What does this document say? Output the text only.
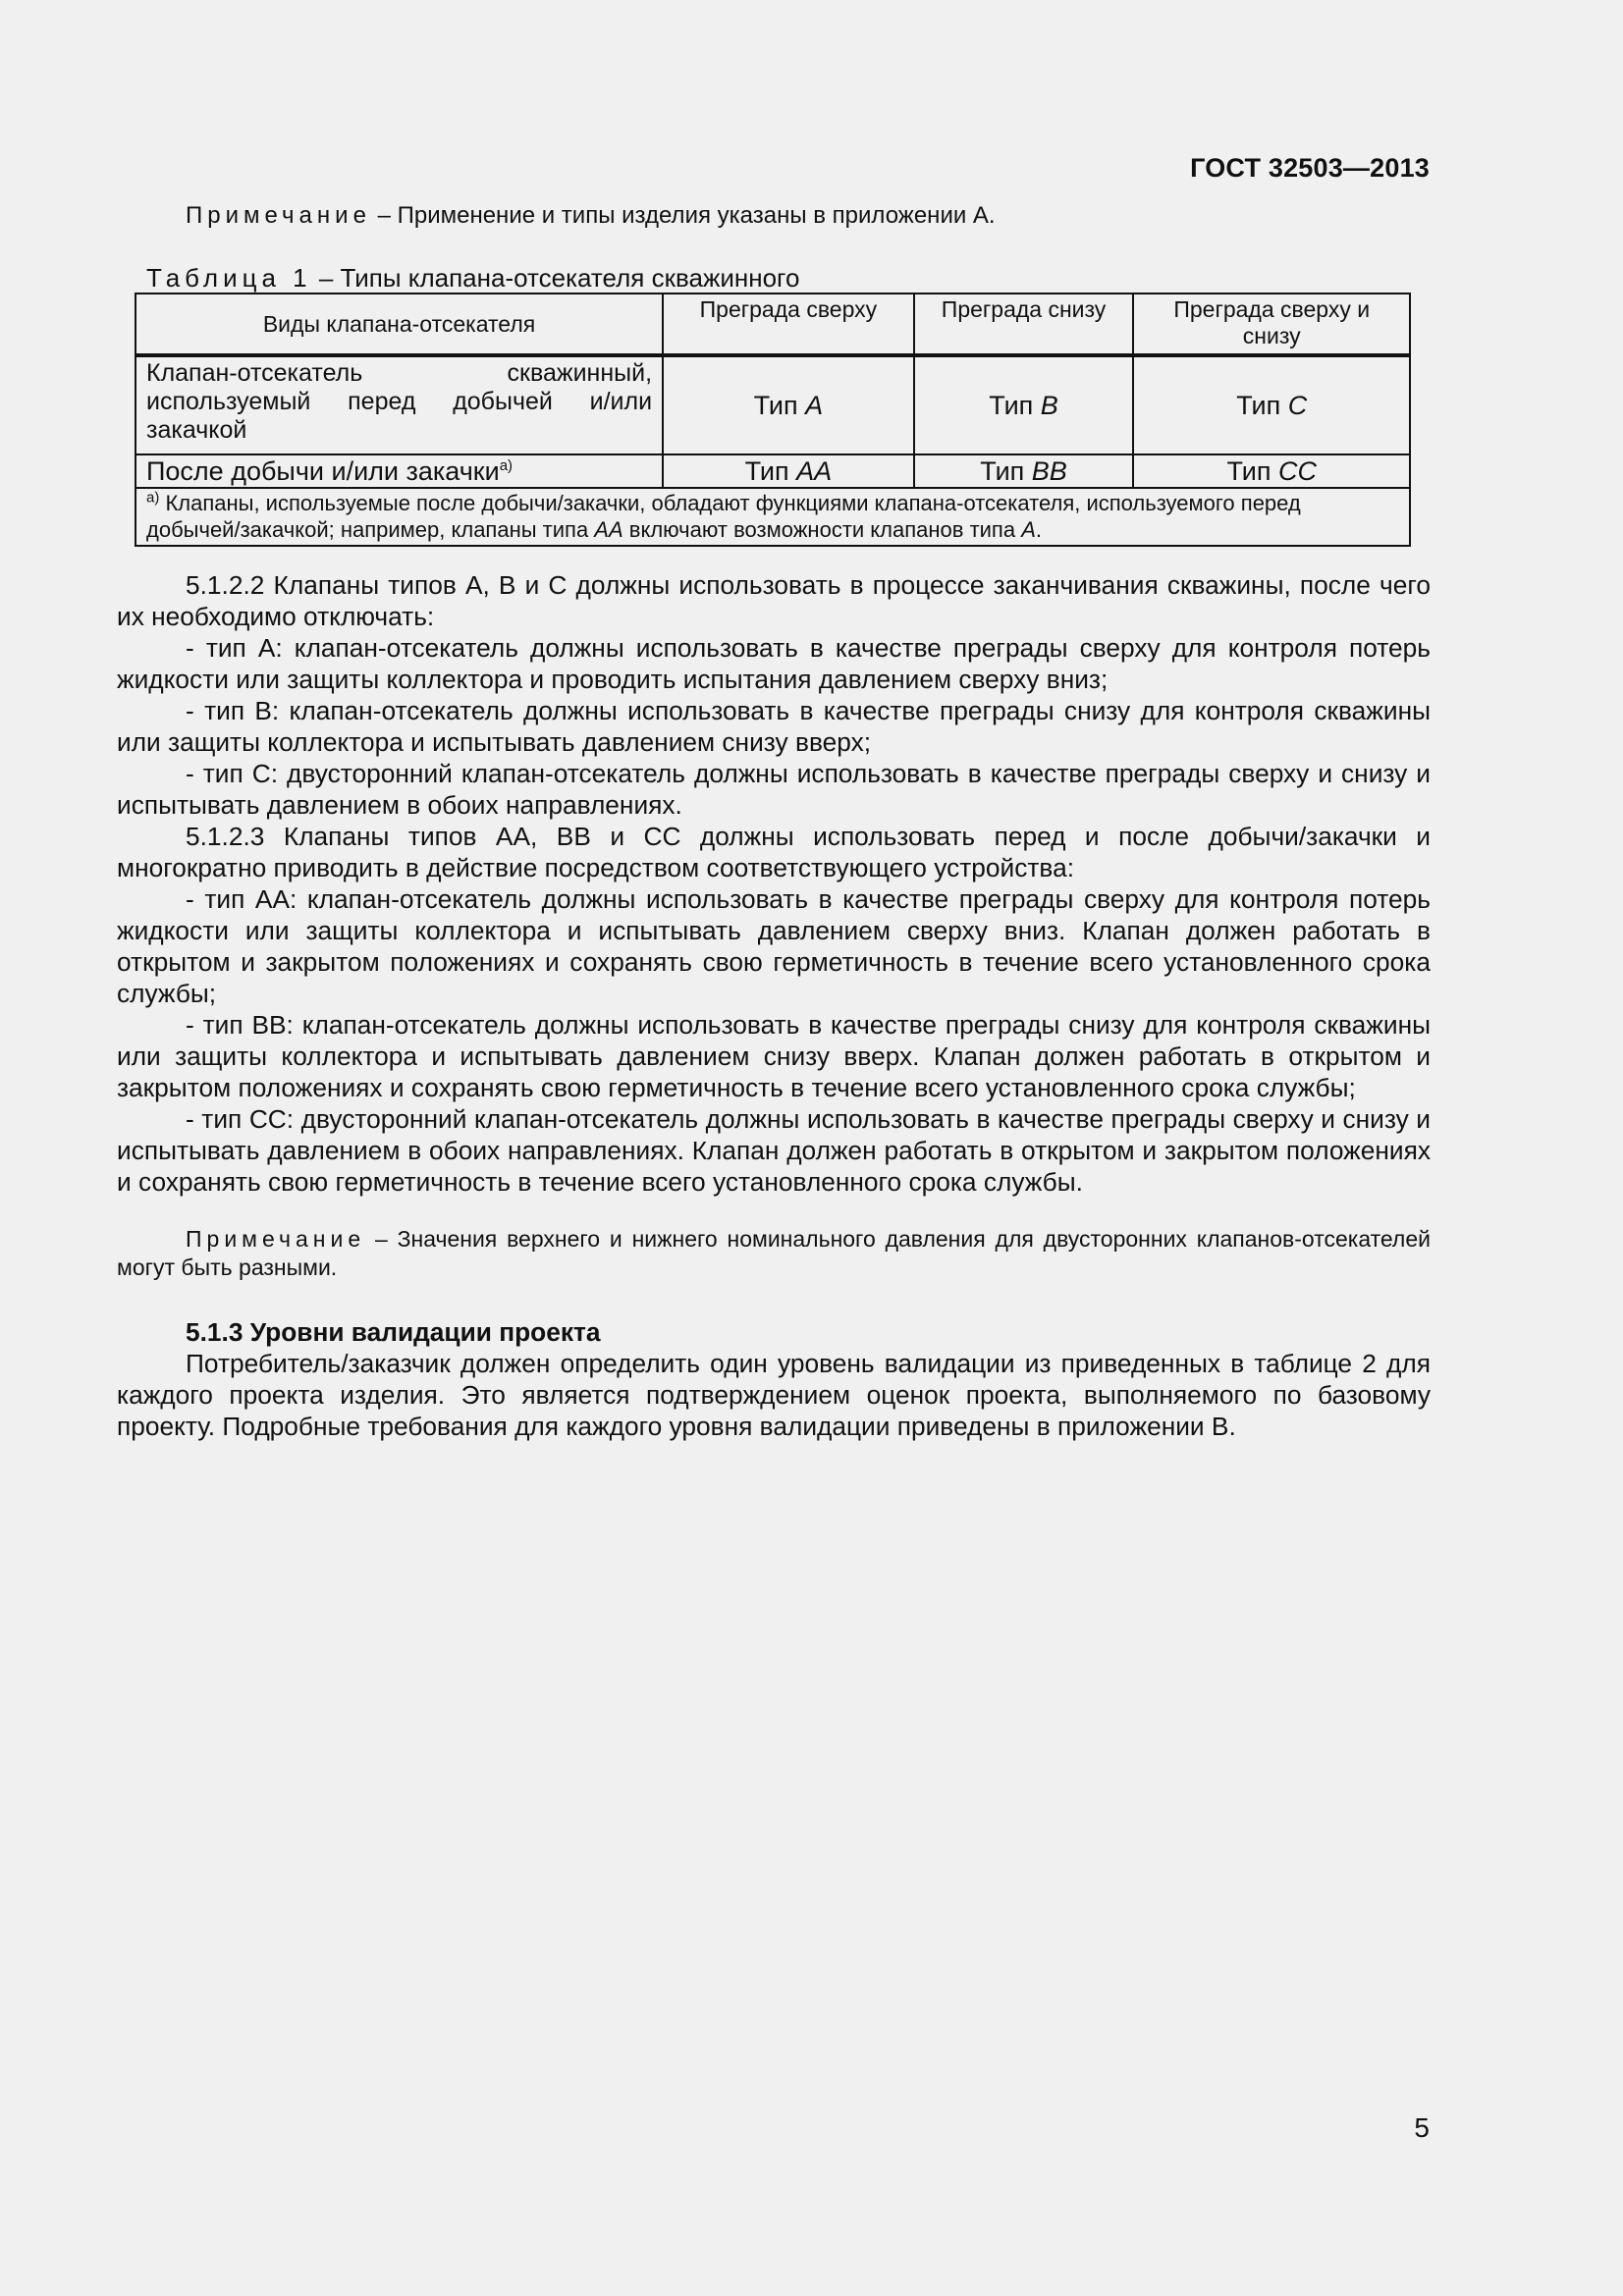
ГОСТ 32503—2013
Примечание – Применение и типы изделия указаны в приложении А.
Таблица 1 – Типы клапана-отсекателя скважинного
Виды клапана-отсекателя	Преграда сверху	Преграда снизу	Преграда сверху и снизу
Клапан-отсекатель скважинный, используемый перед добычей и/или закачкой	Тип A	Тип B	Тип C
После добычи и/или закачки$^{а)}$	Тип AA	Тип BB	Тип CC
$^{а)}$ Клапаны, используемые после добычи/закачки, обладают функциями клапана-отсекателя, используемого перед добычей/закачкой; например, клапаны типа AA включают возможности клапанов типа A.			

5.1.2.2 Клапаны типов A, B и C должны использовать в процессе заканчивания скважины, после чего их необходимо отключать:

- тип A: клапан-отсекатель должны использовать в качестве преграды сверху для контроля потерь жидкости или защиты коллектора и проводить испытания давлением сверху вниз;

- тип B: клапан-отсекатель должны использовать в качестве преграды снизу для контроля скважины или защиты коллектора и испытывать давлением снизу вверх;

- тип C: двусторонний клапан-отсекатель должны использовать в качестве преграды сверху и снизу и испытывать давлением в обоих направлениях.

5.1.2.3 Клапаны типов AA, BB и CC должны использовать перед и после добычи/закачки и многократно приводить в действие посредством соответствующего устройства:

- тип AA: клапан-отсекатель должны использовать в качестве преграды сверху для контроля потерь жидкости или защиты коллектора и испытывать давлением сверху вниз. Клапан должен работать в открытом и закрытом положениях и сохранять свою герметичность в течение всего установленного срока службы;

- тип BB: клапан-отсекатель должны использовать в качестве преграды снизу для контроля скважины или защиты коллектора и испытывать давлением снизу вверх. Клапан должен работать в открытом и закрытом положениях и сохранять свою герметичность в течение всего установленного срока службы;

- тип CC: двусторонний клапан-отсекатель должны использовать в качестве преграды сверху и снизу и испытывать давлением в обоих направлениях. Клапан должен работать в открытом и закрытом положениях и сохранять свою герметичность в течение всего установленного срока службы.

Примечание – Значения верхнего и нижнего номинального давления для двусторонних клапанов-отсекателей могут быть разными.

5.1.3 Уровни валидации проекта

Потребитель/заказчик должен определить один уровень валидации из приведенных в таблице 2 для каждого проекта изделия. Это является подтверждением оценок проекта, выполняемого по базовому проекту. Подробные требования для каждого уровня валидации приведены в приложении В.

5
